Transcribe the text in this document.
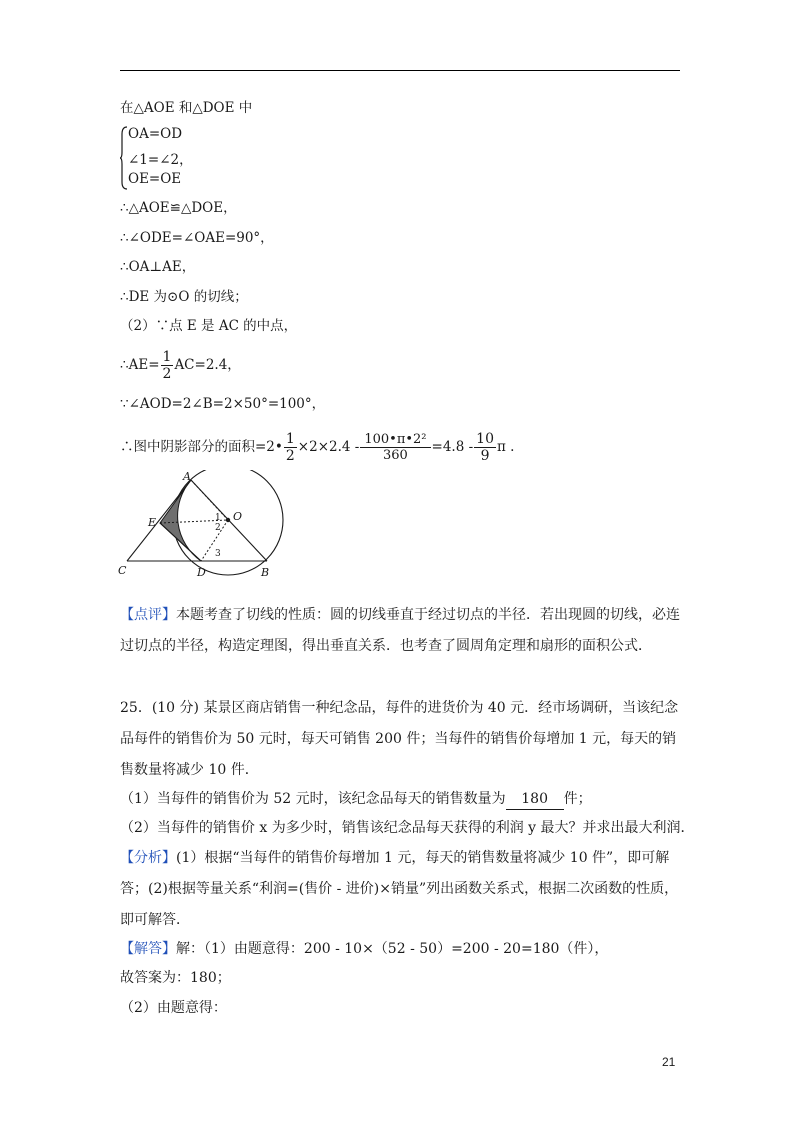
在△AOE 和△DOE 中
OA=OD
∠1=∠2，
OE=OE
∴△AOE≌△DOE，
∴∠ODE=∠OAE=90°，
∴OA⊥AE，
∴DE 为⊙O 的切线；
（2）∵点 E 是 AC 的中点，
∴AE= $\frac{1}{2} AC=2.4$，
∵∠AOD=2∠B=2×50°=100°，
∴图中阴影部分的面积=2• $\frac{1}{2} \times 2\times 2.4 - \frac{\text{100•π•2²}}{360} =4.8 - \frac{10}{9}$ π .
A
E	O
C	D	B
1
2
3
【点评】本题考查了切线的性质：圆的切线垂直于经过切点的半径．若出现圆的切线，必连过切点的半径，构造定理图，得出垂直关系．也考查了圆周角定理和扇形的面积公式．
25．(10 分) 某景区商店销售一种纪念品，每件的进货价为 40 元．经市场调研，当该纪念品每件的销售价为 50 元时，每天可销售 200 件；当每件的销售价每增加 1 元，每天的销售数量将减少 10 件．
（1）当每件的销售价为 52 元时，该纪念品每天的销售数量为 180 件；
（2）当每件的销售价 x 为多少时，销售该纪念品每天获得的利润 y 最大？并求出最大利润．
【分析】(1）根据“当每件的销售价每增加 1 元，每天的销售数量将减少 10 件”，即可解答；(2)根据等量关系“利润=(售价 - 进价)×销量”列出函数关系式，根据二次函数的性质，即可解答．
【解答】解：（1）由题意得：200 - 10×（52 - 50）=200 - 20=180（件），
故答案为：180；
（2）由题意得：
21
